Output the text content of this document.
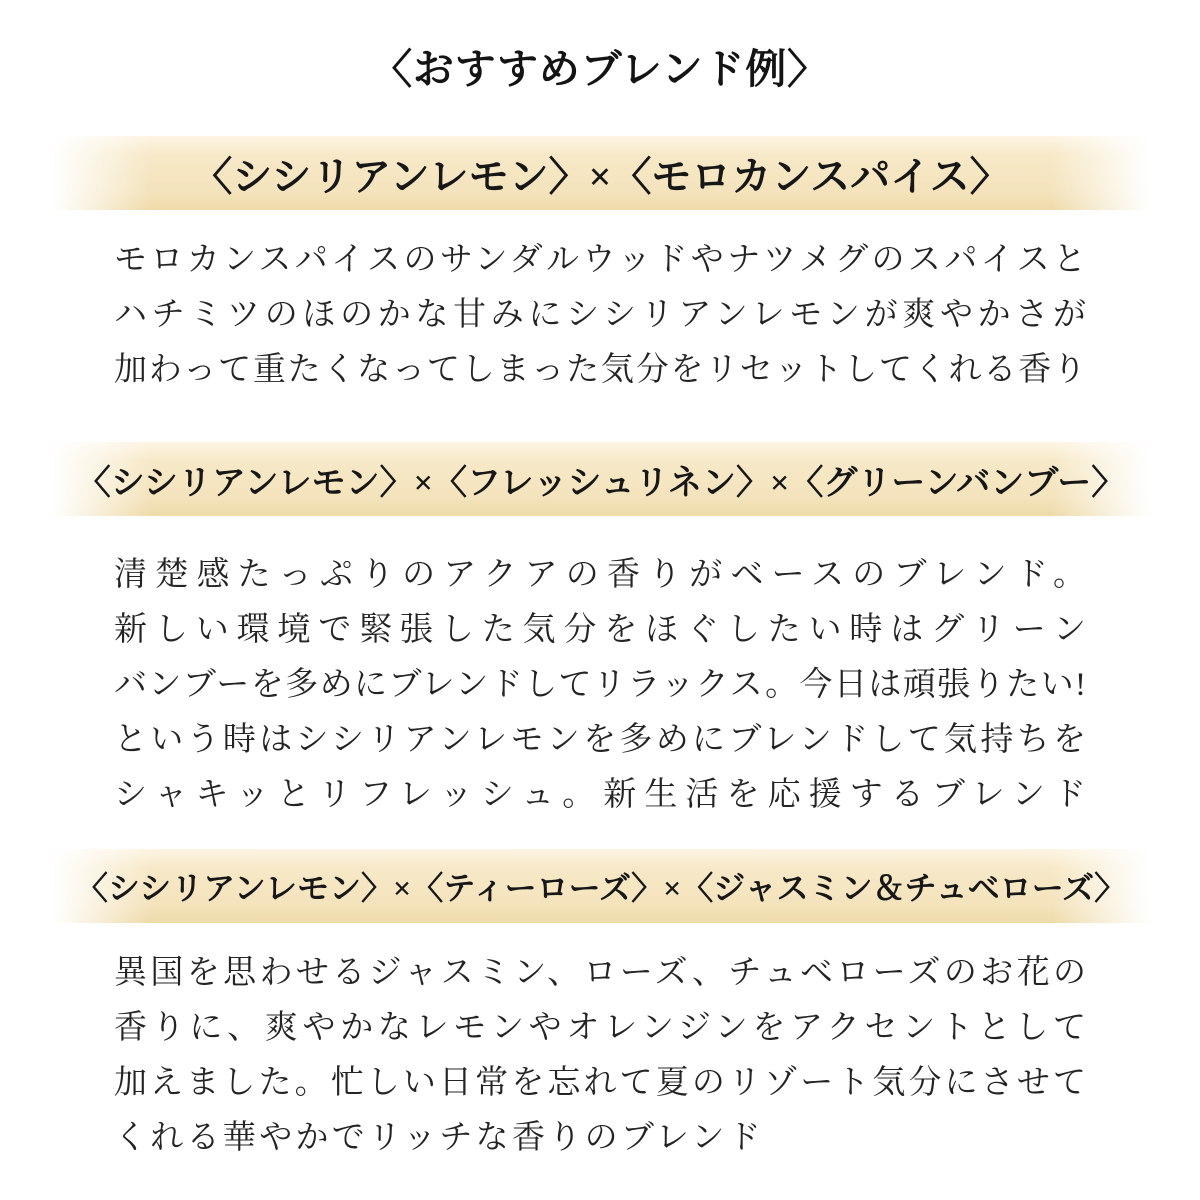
〈おすすめブレンド例〉
〈シシリアンレモン〉×〈モロカンスパイス〉
モロカンスパイスのサンダルウッドやナツメグのスパイスと
ハチミツのほのかな甘みにシシリアンレモンが爽やかさが
加わって重たくなってしまった気分をリセットしてくれる香り
〈シシリアンレモン〉×〈フレッシュリネン〉×〈グリーンバンブー〉
清楚感たっぷりのアクアの香りがベースのブレンド。
新しい環境で緊張した気分をほぐしたい時はグリーン
バンブーを多めにブレンドしてリラックス。今日は頑張りたい!
という時はシシリアンレモンを多めにブレンドして気持ちを
シャキッとリフレッシュ。新生活を応援するブレンド
〈シシリアンレモン〉×〈ティーローズ〉×〈ジャスミン＆チュベローズ〉
異国を思わせるジャスミン、ローズ、チュベローズのお花の
香りに、爽やかなレモンやオレンジンをアクセントとして
加えました。忙しい日常を忘れて夏のリゾート気分にさせて
くれる華やかでリッチな香りのブレンド
